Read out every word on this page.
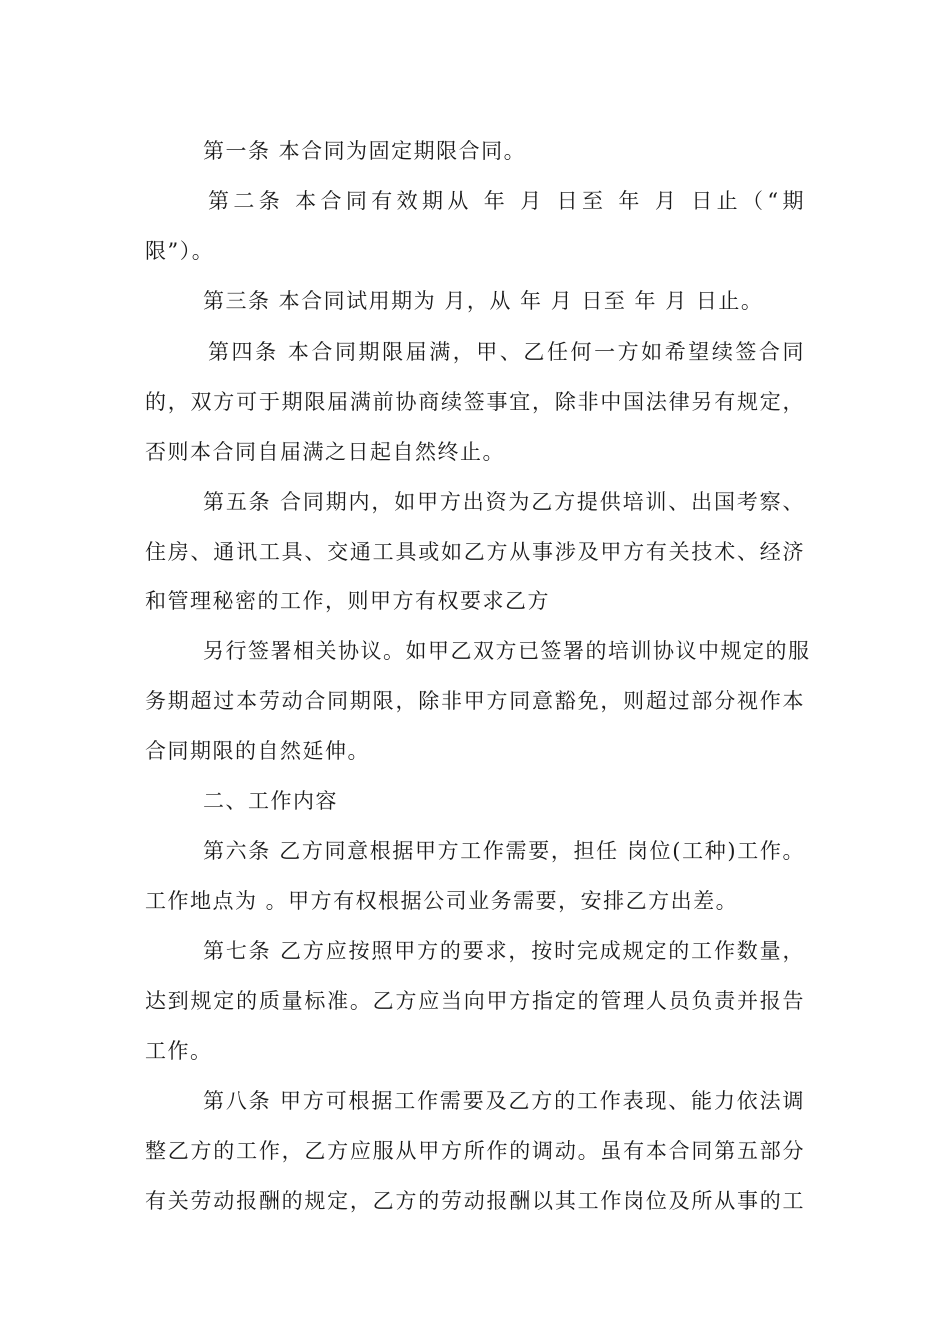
第一条 本合同为固定期限合同。
第二条 本合同有效期从 年 月 日至 年 月 日止（“期
限”）。
第三条 本合同试用期为 月，从 年 月 日至 年 月 日止。
第四条 本合同期限届满，甲、乙任何一方如希望续签合同
的，双方可于期限届满前协商续签事宜，除非中国法律另有规定，
否则本合同自届满之日起自然终止。
第五条 合同期内，如甲方出资为乙方提供培训、出国考察、
住房、通讯工具、交通工具或如乙方从事涉及甲方有关技术、经济
和管理秘密的工作，则甲方有权要求乙方
另行签署相关协议。如甲乙双方已签署的培训协议中规定的服
务期超过本劳动合同期限，除非甲方同意豁免，则超过部分视作本
合同期限的自然延伸。
二、工作内容
第六条 乙方同意根据甲方工作需要，担任 岗位(工种)工作。
工作地点为 。甲方有权根据公司业务需要，安排乙方出差。
第七条 乙方应按照甲方的要求，按时完成规定的工作数量，
达到规定的质量标准。乙方应当向甲方指定的管理人员负责并报告
工作。
第八条 甲方可根据工作需要及乙方的工作表现、能力依法调
整乙方的工作，乙方应服从甲方所作的调动。虽有本合同第五部分
有关劳动报酬的规定，乙方的劳动报酬以其工作岗位及所从事的工
